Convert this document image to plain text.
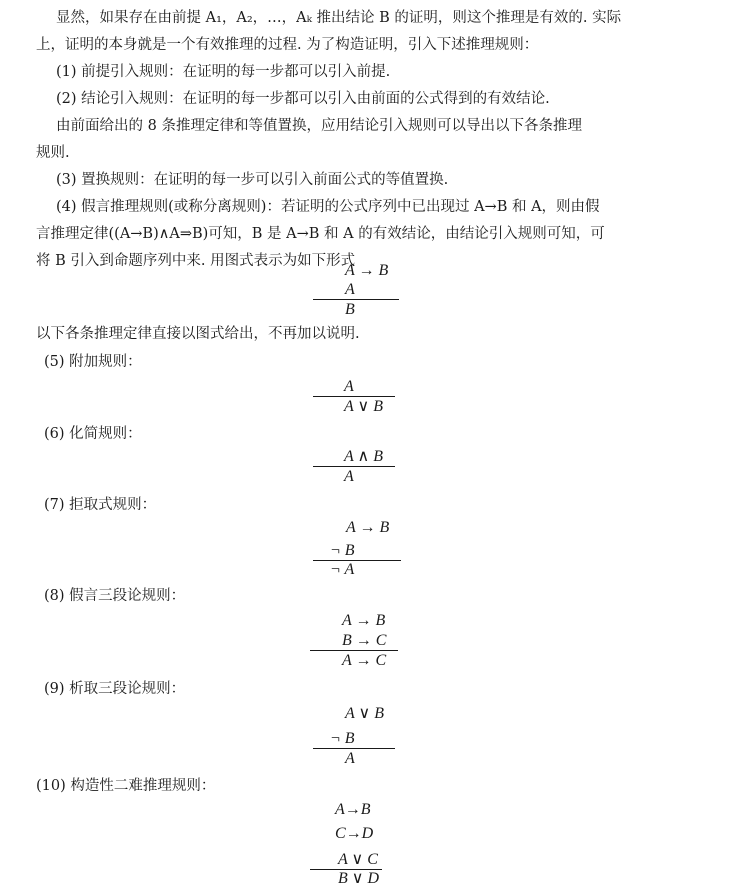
显然，如果存在由前提 A₁，A₂，…，Aₖ 推出结论 B 的证明，则这个推理是有效的. 实际
上，证明的本身就是一个有效推理的过程. 为了构造证明，引入下述推理规则：
(1) 前提引入规则：在证明的每一步都可以引入前提.
(2) 结论引入规则：在证明的每一步都可以引入由前面的公式得到的有效结论.
由前面给出的 8 条推理定律和等值置换，应用结论引入规则可以导出以下各条推理
规则.
(3) 置换规则：在证明的每一步可以引入前面公式的等值置换.
(4) 假言推理规则(或称分离规则)：若证明的公式序列中已出现过 A→B 和 A，则由假
言推理定律((A→B)∧A⇒B)可知，B 是 A→B 和 A 的有效结论，由结论引入规则可知，可
将 B 引入到命题序列中来. 用图式表示为如下形式
A → B
A
B
以下各条推理定律直接以图式给出，不再加以说明.
(5) 附加规则：
A
A ∨ B
(6) 化简规则：
A ∧ B
A
(7) 拒取式规则：
A → B
¬ B
¬ A
(8) 假言三段论规则：
A → B
B → C
A → C
(9) 析取三段论规则：
A ∨ B
¬ B
A
(10) 构造性二难推理规则：
A→B
C→D
A ∨ C
B ∨ D
